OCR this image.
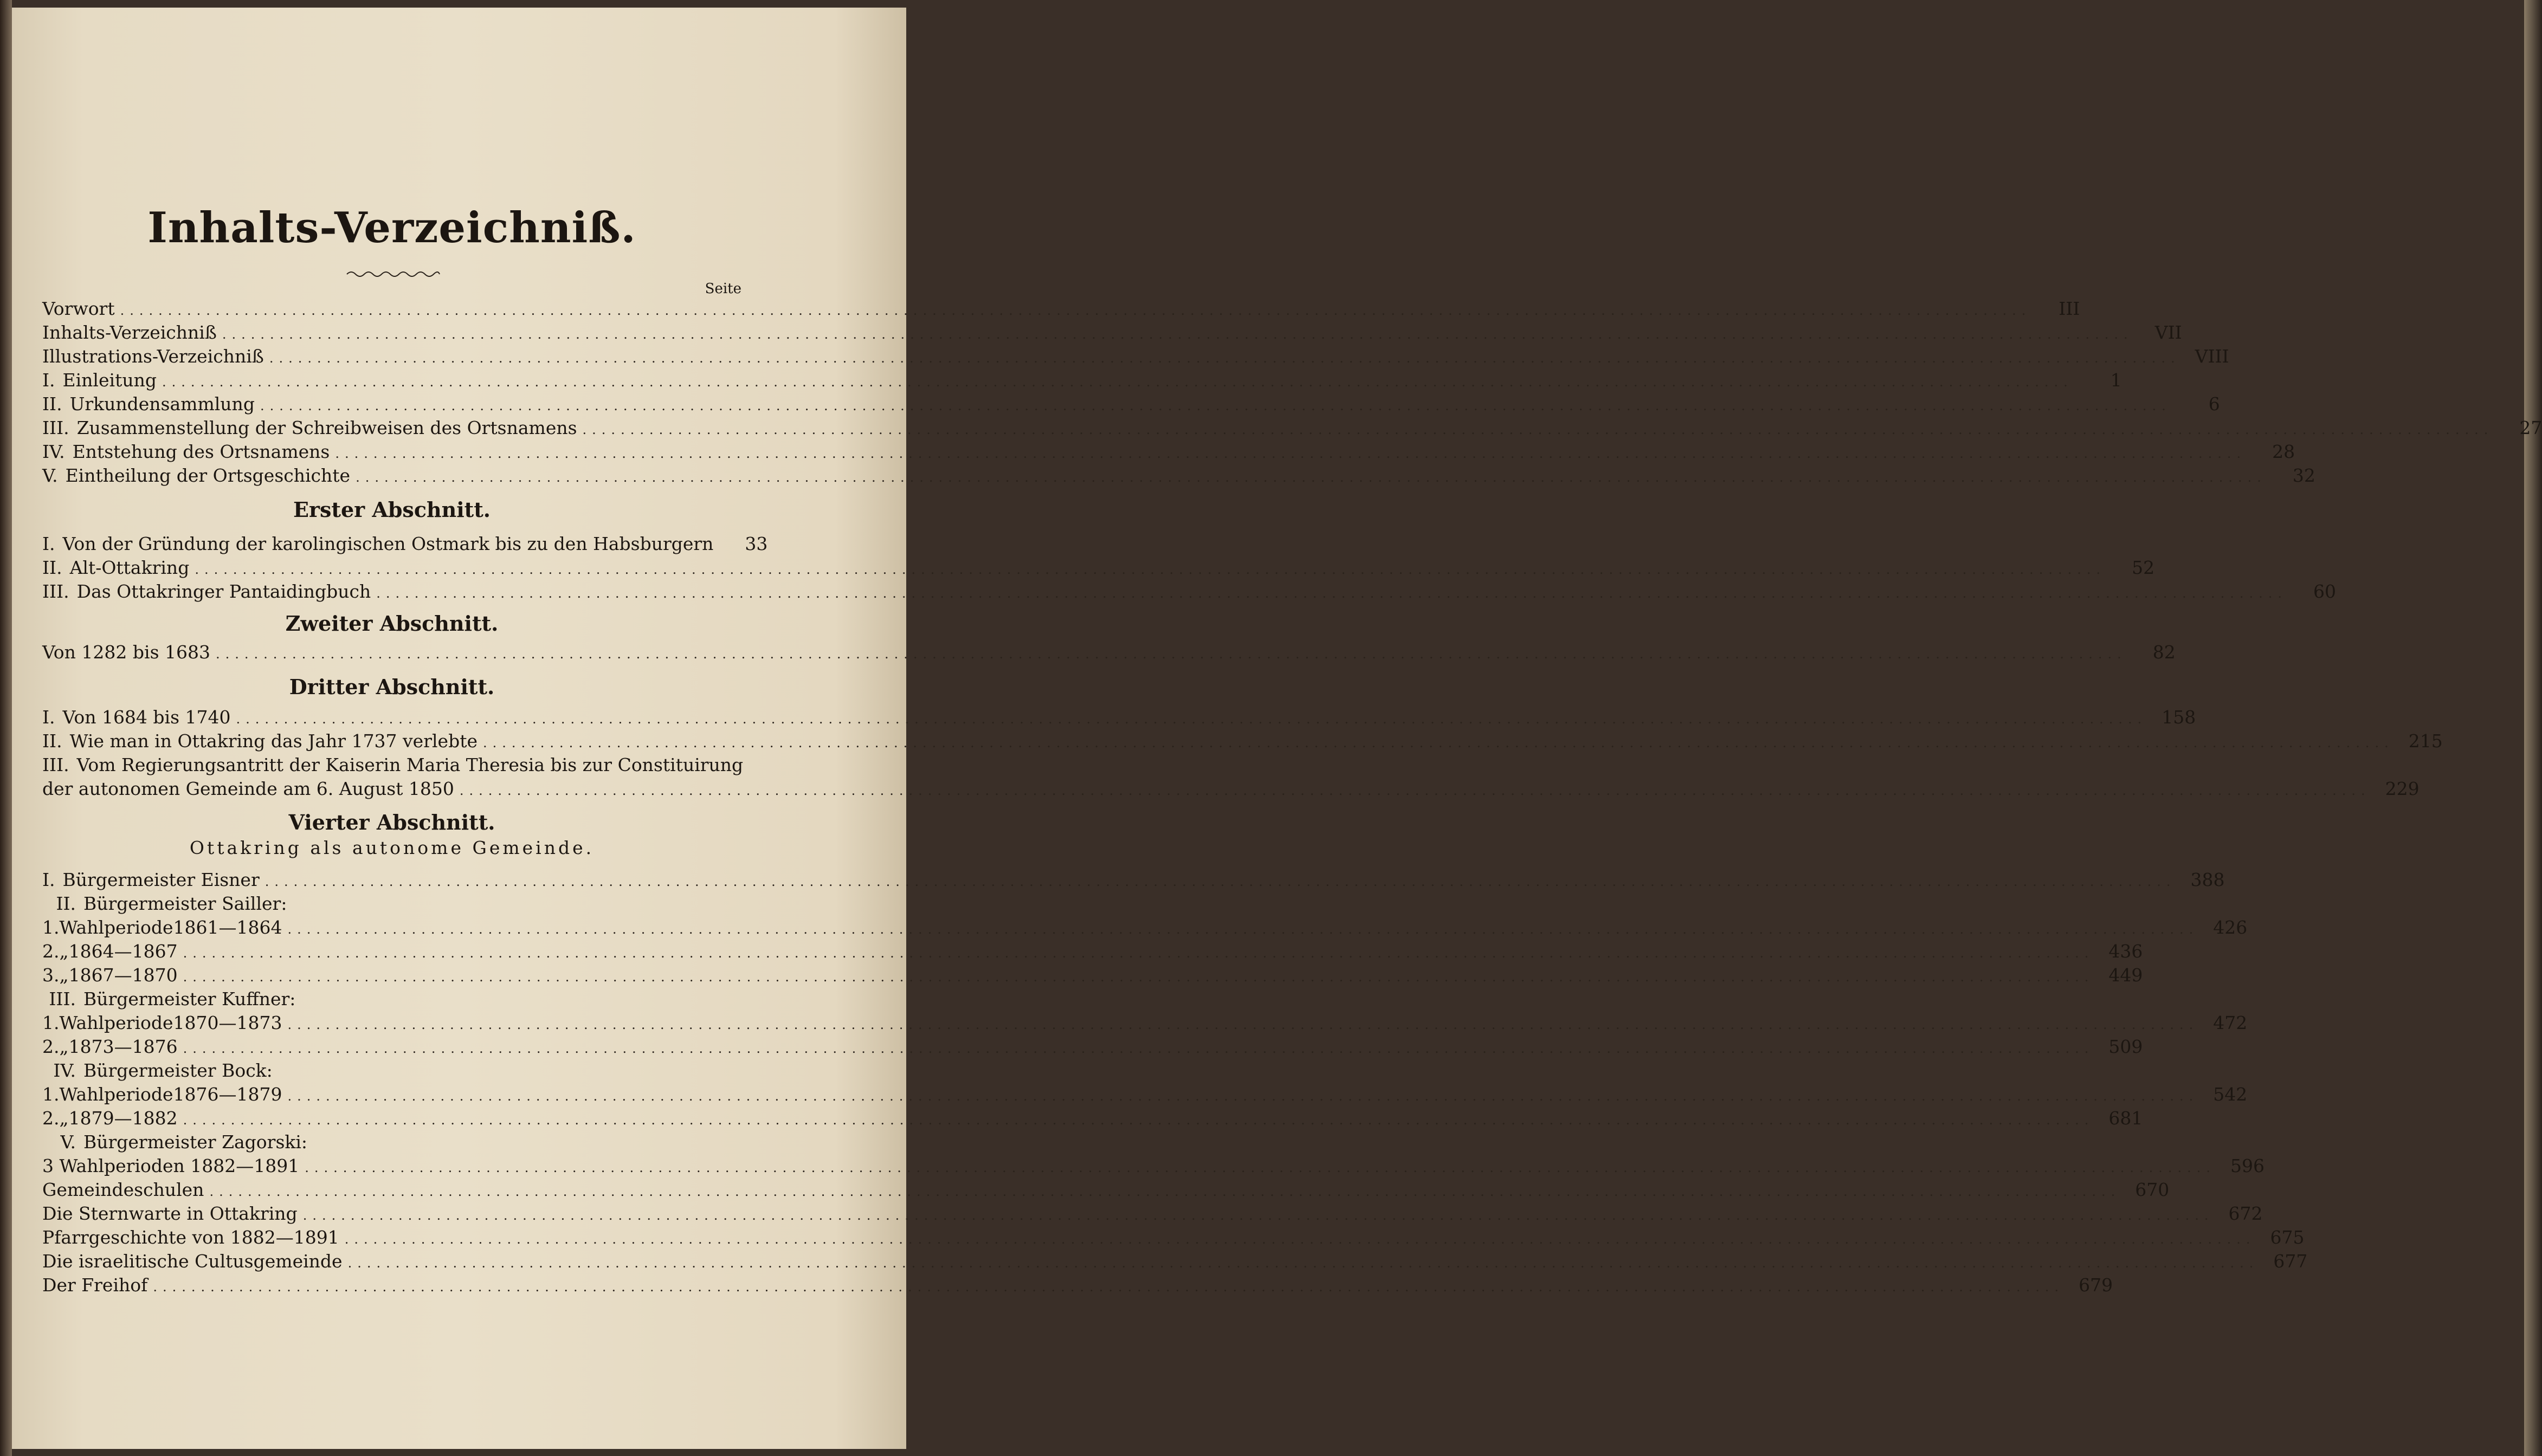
Inhalts-Verzeichniß.
Seite
Vorwort ........................................................................................................................................................................................................	III
Inhalts-Verzeichniß ........................................................................................................................................................................................................	VII
Illustrations-Verzeichniß ........................................................................................................................................................................................................ VIII
I. Einleitung ........................................................................................................................................................................................................	1
II. Urkundensammlung ........................................................................................................................................................................................................	6
III. Zusammenstellung der Schreibweisen des Ortsnamens ........................................................................................................................................................................................................	27
IV. Entstehung des Ortsnamens ........................................................................................................................................................................................................	28
V. Eintheilung der Ortsgeschichte ........................................................................................................................................................................................................	32
Erster Abschnitt.
I. Von der Gründung der karolingischen Ostmark bis zu den Habsburgern	33
II. Alt-Ottakring ........................................................................................................................................................................................................	52
III. Das Ottakringer Pantaidingbuch ........................................................................................................................................................................................................	60
Zweiter Abschnitt.
Von 1282 bis 1683 ........................................................................................................................................................................................................	82
Dritter Abschnitt.
I. Von 1684 bis 1740 ........................................................................................................................................................................................................ 158
II. Wie man in Ottakring das Jahr 1737 verlebte ........................................................................................................................................................................................................ 215
III. Vom Regierungsantritt der Kaiserin Maria Theresia bis zur Constituirung
der autonomen Gemeinde am 6. August 1850 ........................................................................................................................................................................................................ 229
Vierter Abschnitt.
Ottakring als autonome Gemeinde.
I. Bürgermeister Eisner ........................................................................................................................................................................................................ 388
II. Bürgermeister Sailler:
1. Wahlperiode 1861—1864 ........................................................................................................................................................................................................ 426
2. „ 1864—1867 ........................................................................................................................................................................................................ 436
3. „ 1867—1870 ........................................................................................................................................................................................................ 449
III. Bürgermeister Kuffner:
1. Wahlperiode 1870—1873 ........................................................................................................................................................................................................ 472
2. „ 1873—1876 ........................................................................................................................................................................................................ 509
IV. Bürgermeister Bock:
1. Wahlperiode 1876—1879 ........................................................................................................................................................................................................ 542
2. „ 1879—1882 ........................................................................................................................................................................................................ 681
V. Bürgermeister Zagorski:
3 Wahlperioden 1882—1891 ........................................................................................................................................................................................................ 596
Gemeindeschulen ........................................................................................................................................................................................................ 670
Die Sternwarte in Ottakring ........................................................................................................................................................................................................ 672
Pfarrgeschichte von 1882—1891 ........................................................................................................................................................................................................ 675
Die israelitische Cultusgemeinde ........................................................................................................................................................................................................ 677
Der Freihof ........................................................................................................................................................................................................ 679
